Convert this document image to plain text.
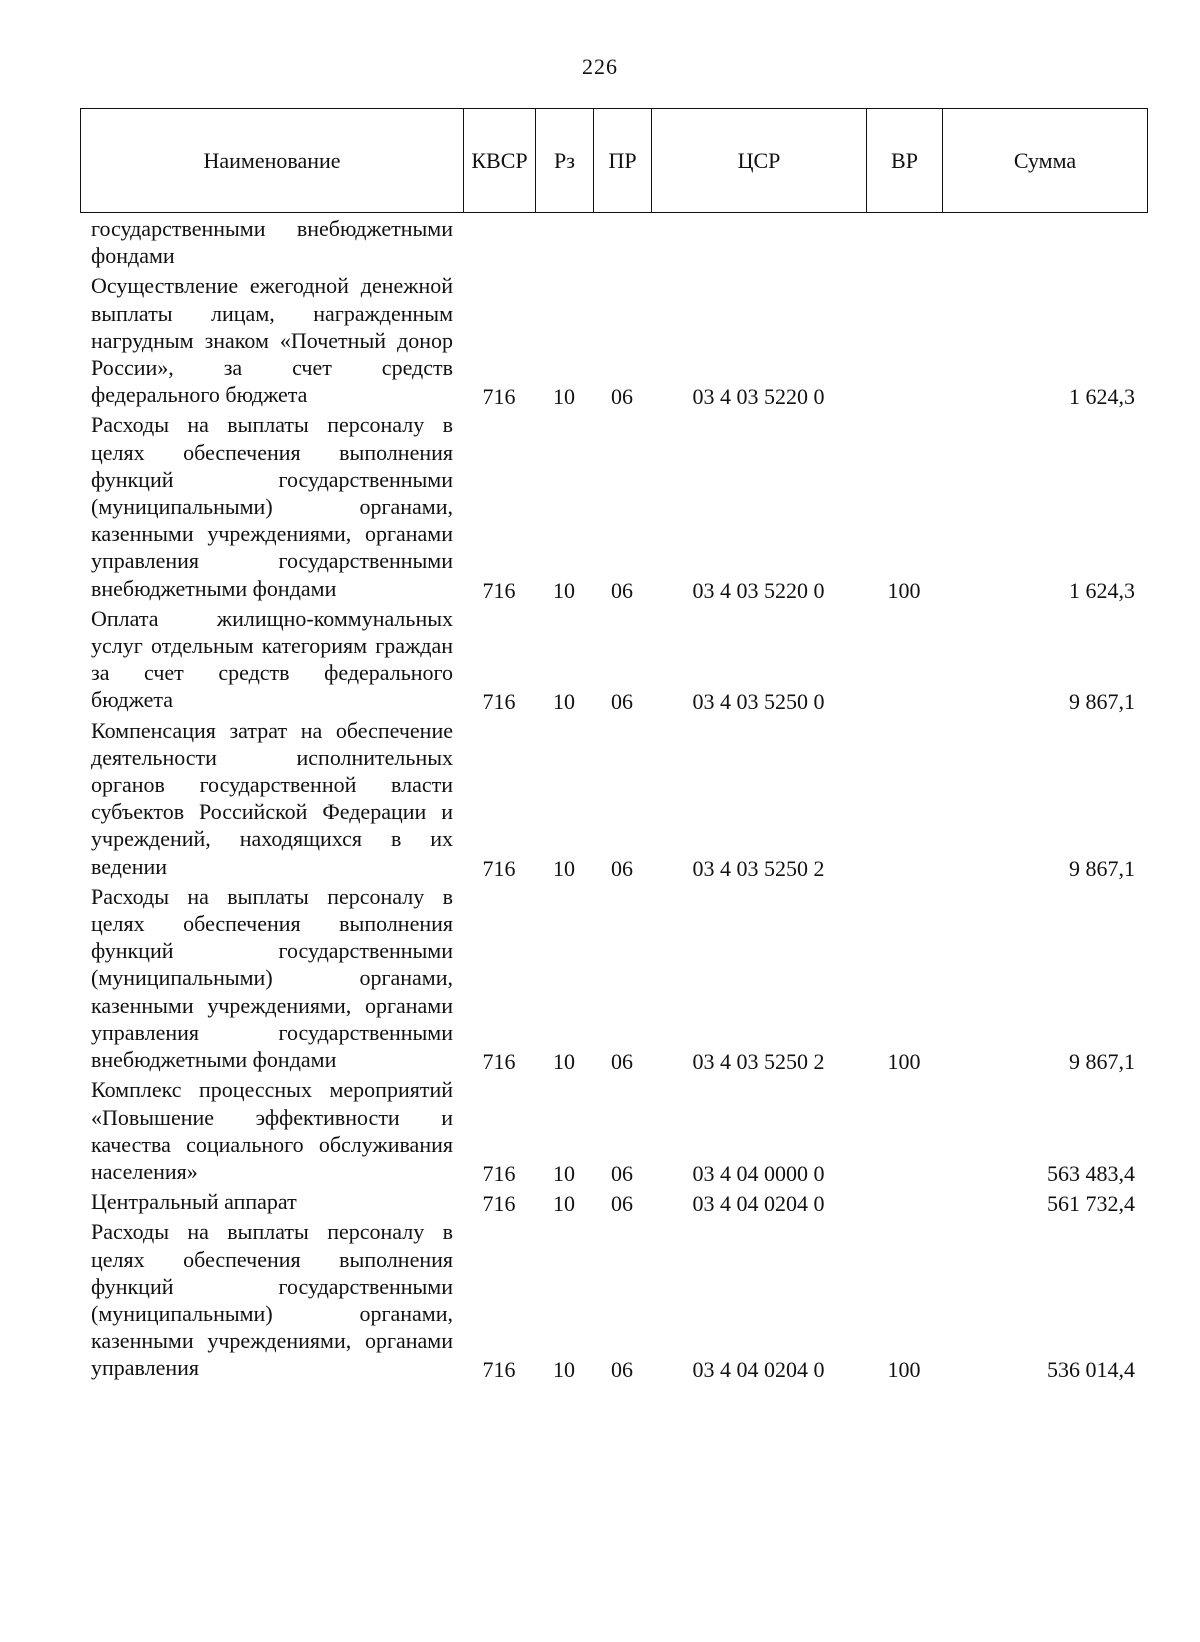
226
Наименование	КВСР	Рз	ПР	ЦСР	ВР	Сумма
государственными внебюджетными фондами						
Осуществление ежегодной денежной выплаты лицам, награжденным нагрудным знаком «Почетный донор России», за счет средств федерального бюджета	716	10	06	03 4 03 5220 0		1 624,3
Расходы на выплаты персоналу в целях обеспечения выполнения функций государственными (муниципальными) органами, казенными учреждениями, органами управления государственными внебюджетными фондами	716	10	06	03 4 03 5220 0	100	1 624,3
Оплата жилищно-коммунальных услуг отдельным категориям граждан за счет средств федерального бюджета	716	10	06	03 4 03 5250 0		9 867,1
Компенсация затрат на обеспечение деятельности исполнительных органов государственной власти субъектов Российской Федерации и учреждений, находящихся в их ведении	716	10	06	03 4 03 5250 2		9 867,1
Расходы на выплаты персоналу в целях обеспечения выполнения функций государственными (муниципальными) органами, казенными учреждениями, органами управления государственными внебюджетными фондами	716	10	06	03 4 03 5250 2	100	9 867,1
Комплекс процессных мероприятий «Повышение эффективности и качества социального обслуживания населения»	716	10	06	03 4 04 0000 0		563 483,4
Центральный аппарат	716	10	06	03 4 04 0204 0		561 732,4
Расходы на выплаты персоналу в целях обеспечения выполнения функций государственными (муниципальными) органами, казенными учреждениями, органами управления	716	10	06	03 4 04 0204 0	100	536 014,4
